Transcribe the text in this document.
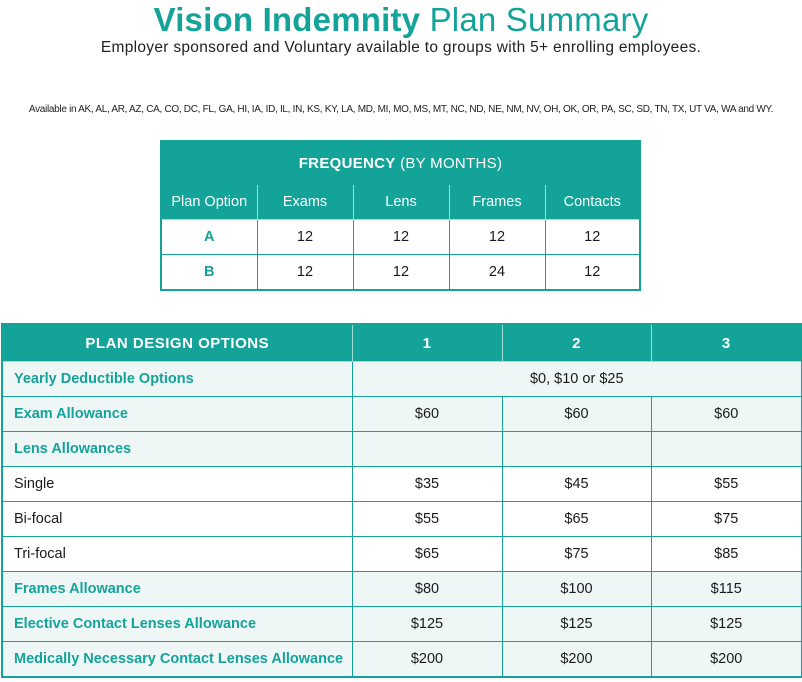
Vision Indemnity Plan Summary
Employer sponsored and Voluntary available to groups with 5+ enrolling employees.
Available in AK, AL, AR, AZ, CA, CO, DC, FL, GA, HI, IA, ID, IL, IN, KS, KY, LA, MD, MI, MO, MS, MT, NC, ND, NE, NM, NV, OH, OK, OR, PA, SC, SD, TN, TX, UT VA, WA and WY.
FREQUENCY (BY MONTHS)				
Plan Option	Exams	Lens	Frames	Contacts
A	12	12	12	12
B	12	12	24	12
PLAN DESIGN OPTIONS	1	2	3
Yearly Deductible Options	$0, $10 or $25		
Exam Allowance	$60	$60	$60
Lens Allowances			
Single	$35	$45	$55
Bi-focal	$55	$65	$75
Tri-focal	$65	$75	$85
Frames Allowance	$80	$100	$115
Elective Contact Lenses Allowance	$125	$125	$125
Medically Necessary Contact Lenses Allowance	$200	$200	$200
